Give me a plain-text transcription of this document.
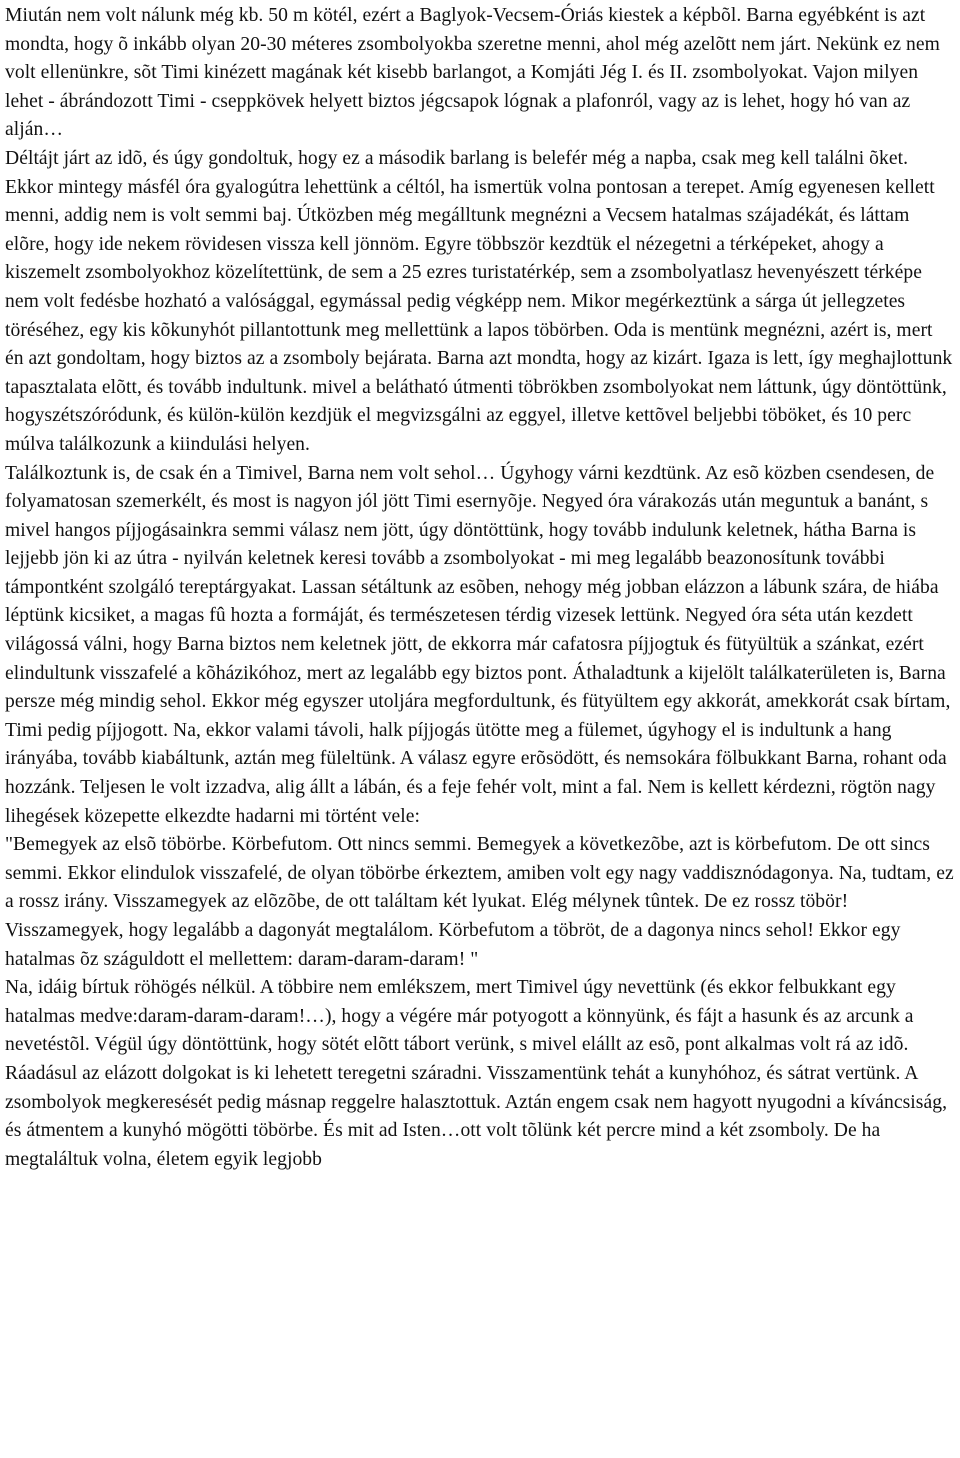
Miután nem volt nálunk még kb. 50 m kötél, ezért a Baglyok-Vecsem-Óriás kiestek a képbõl. Barna egyébként is azt mondta, hogy õ inkább olyan 20-30 méteres zsombolyokba szeretne menni, ahol még azelõtt nem járt. Nekünk ez nem volt ellenünkre, sõt Timi kinézett magának két kisebb barlangot, a Komjáti Jég I. és II. zsombolyokat. Vajon milyen lehet - ábrándozott Timi - cseppkövek helyett biztos jégcsapok lógnak a plafonról, vagy az is lehet, hogy hó van az alján…

Déltájt járt az idõ, és úgy gondoltuk, hogy ez a második barlang is belefér még a napba, csak meg kell találni õket. Ekkor mintegy másfél óra gyalogútra lehettünk a céltól, ha ismertük volna pontosan a terepet. Amíg egyenesen kellett menni, addig nem is volt semmi baj. Útközben még megálltunk megnézni a Vecsem hatalmas szájadékát, és láttam elõre, hogy ide nekem rövidesen vissza kell jönnöm. Egyre többször kezdtük el nézegetni a térképeket, ahogy a kiszemelt zsombolyokhoz közelítettünk, de sem a 25 ezres turistatérkép, sem a zsombolyatlasz hevenyészett térképe nem volt fedésbe hozható a valósággal, egymással pedig végképp nem. Mikor megérkeztünk a sárga út jellegzetes töréséhez, egy kis kõkunyhót pillantottunk meg mellettünk a lapos töbörben. Oda is mentünk megnézni, azért is, mert én azt gondoltam, hogy biztos az a zsomboly bejárata. Barna azt mondta, hogy az kizárt. Igaza is lett, így meghajlottunk tapasztalata elõtt, és tovább indultunk. mivel a belátható útmenti töbrökben zsombolyokat nem láttunk, úgy döntöttünk, hogyszétszóródunk, és külön-külön kezdjük el megvizsgálni az eggyel, illetve kettõvel beljebbi töböket, és 10 perc múlva találkozunk a kiindulási helyen.

Találkoztunk is, de csak én a Timivel, Barna nem volt sehol… Úgyhogy várni kezdtünk. Az esõ közben csendesen, de folyamatosan szemerkélt, és most is nagyon jól jött Timi esernyõje. Negyed óra várakozás után meguntuk a banánt, s mivel hangos píjjogásainkra semmi válasz nem jött, úgy döntöttünk, hogy tovább indulunk keletnek, hátha Barna is lejjebb jön ki az útra - nyilván keletnek keresi tovább a zsombolyokat - mi meg legalább beazonosítunk további támpontként szolgáló tereptárgyakat. Lassan sétáltunk az esõben, nehogy még jobban elázzon a lábunk szára, de hiába léptünk kicsiket, a magas fû hozta a formáját, és természetesen térdig vizesek lettünk. Negyed óra séta után kezdett világossá válni, hogy Barna biztos nem keletnek jött, de ekkorra már cafatosra píjjogtuk és fütyültük a szánkat, ezért elindultunk visszafelé a kõházikóhoz, mert az legalább egy biztos pont. Áthaladtunk a kijelölt találkaterületen is, Barna persze még mindig sehol. Ekkor még egyszer utoljára megfordultunk, és fütyültem egy akkorát, amekkorát csak bírtam, Timi pedig píjjogott. Na, ekkor valami távoli, halk píjjogás ütötte meg a fülemet, úgyhogy el is indultunk a hang irányába, tovább kiabáltunk, aztán meg füleltünk. A válasz egyre erõsödött, és nemsokára fölbukkant Barna, rohant oda hozzánk. Teljesen le volt izzadva, alig állt a lábán, és a feje fehér volt, mint a fal. Nem is kellett kérdezni, rögtön nagy lihegések közepette elkezdte hadarni mi történt vele:

"Bemegyek az elsõ töbörbe. Körbefutom. Ott nincs semmi. Bemegyek a következõbe, azt is körbefutom. De ott sincs semmi. Ekkor elindulok visszafelé, de olyan töbörbe érkeztem, amiben volt egy nagy vaddisznódagonya. Na, tudtam, ez a rossz irány. Visszamegyek az elõzõbe, de ott találtam két lyukat. Elég mélynek tûntek. De ez rossz töbör! Visszamegyek, hogy legalább a dagonyát megtalálom. Körbefutom a töbröt, de a dagonya nincs sehol! Ekkor egy hatalmas õz száguldott el mellettem: daram-daram-daram! "

Na, idáig bírtuk röhögés nélkül. A többire nem emlékszem, mert Timivel úgy nevettünk (és ekkor felbukkant egy hatalmas medve:daram-daram-daram!…), hogy a végére már potyogott a könnyünk, és fájt a hasunk és az arcunk a nevetéstõl. Végül úgy döntöttünk, hogy sötét elõtt tábort verünk, s mivel elállt az esõ, pont alkalmas volt rá az idõ. Ráadásul az elázott dolgokat is ki lehetett teregetni száradni. Visszamentünk tehát a kunyhóhoz, és sátrat vertünk. A zsombolyok megkeresését pedig másnap reggelre halasztottuk. Aztán engem csak nem hagyott nyugodni a kíváncsiság, és átmentem a kunyhó mögötti töbörbe. És mit ad Isten…ott volt tõlünk két percre mind a két zsomboly. De ha megtaláltuk volna, életem egyik legjobb
